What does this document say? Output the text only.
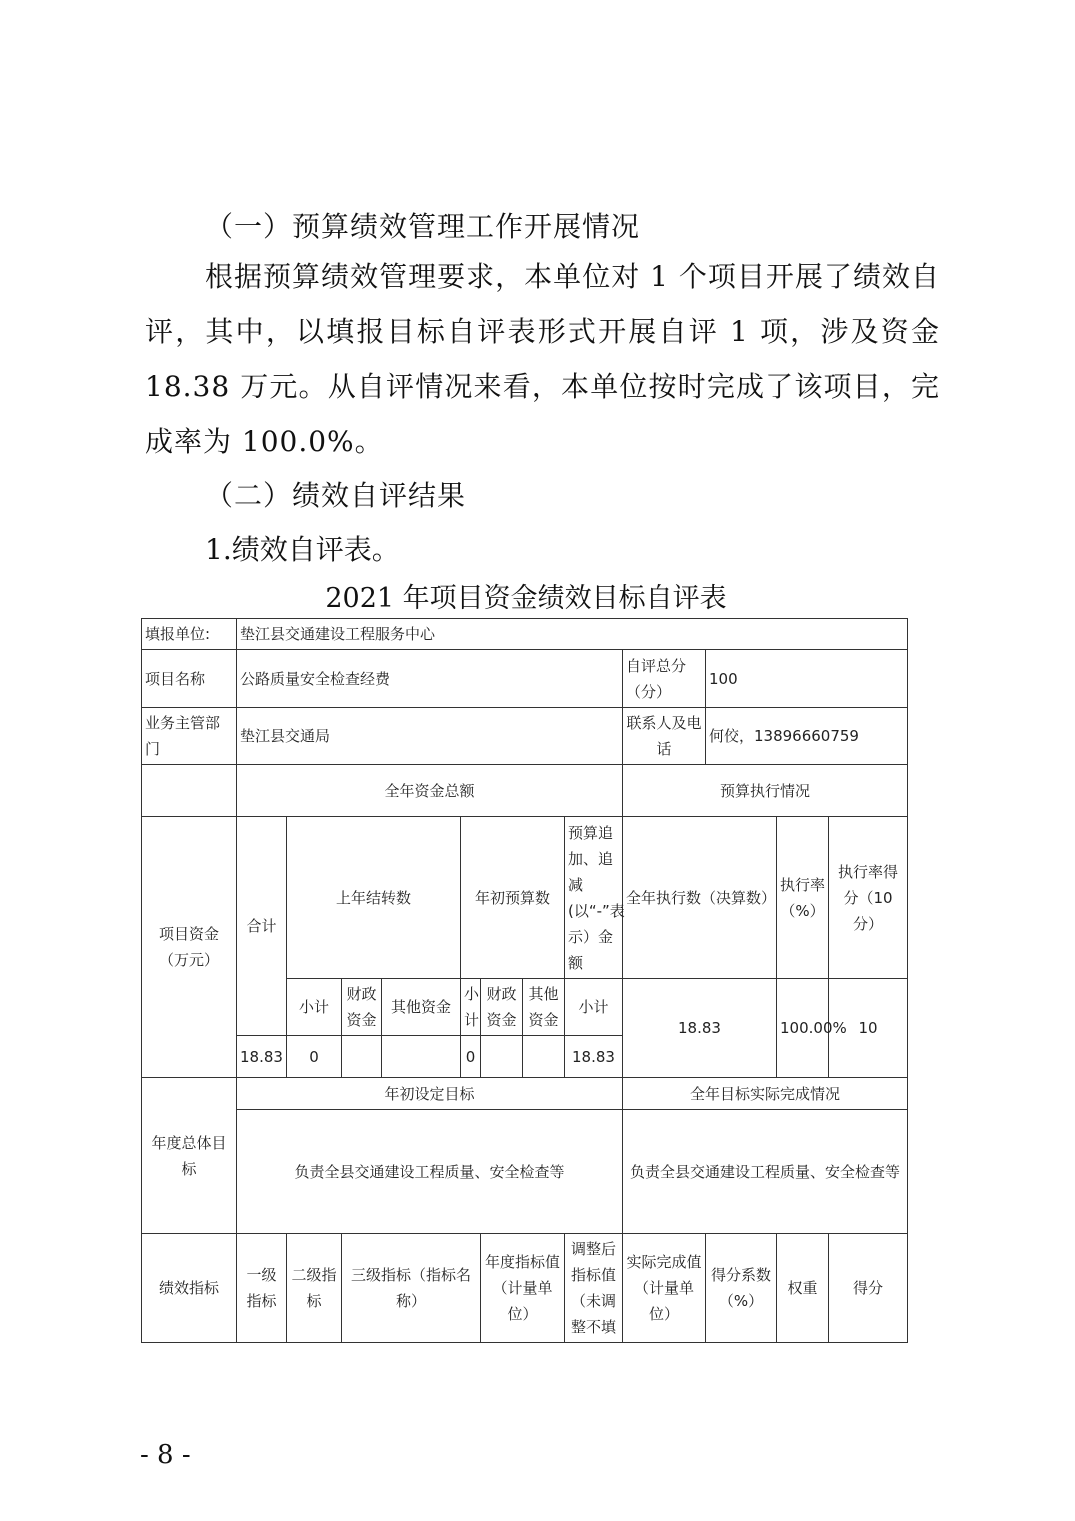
（一）预算绩效管理工作开展情况
根据预算绩效管理要求，本单位对 1 个项目开展了绩效自评，其中，以填报目标自评表形式开展自评 1 项，涉及资金 18.38 万元。从自评情况来看，本单位按时完成了该项目，完成率为 100.0%。
（二）绩效自评结果
1.绩效自评表。
2021 年项目资金绩效目标自评表
填报单位:	垫江县交通建设工程服务中心											
项目名称	公路质量安全检查经费								自评总分（分）	100		
业务主管部门	垫江县交通局								联系人及电话	何佼，13896660759		
	全年资金总额								预算执行情况			
项目资金（万元）	合计	上年结转数			年初预算数			预算追加、追减(以“-”表示）金额	全年执行数（决算数）		执行率（%）	执行率得分（10 分）
		小计	财政资金	其他资金	小计	财政资金	其他资金	小计	18.83		100.00%	10
	18.83	0			0			18.83				
年度总体目标	年初设定目标								全年目标实际完成情况			
	负责全县交通建设工程质量、安全检查等								负责全县交通建设工程质量、安全检查等			
绩效指标	一级指标	二级指标	三级指标（指标名称）			年度指标值（计量单位）		调整后指标值（未调整不填	实际完成值（计量单位）	得分系数（%）	权重	得分
- 8 -
